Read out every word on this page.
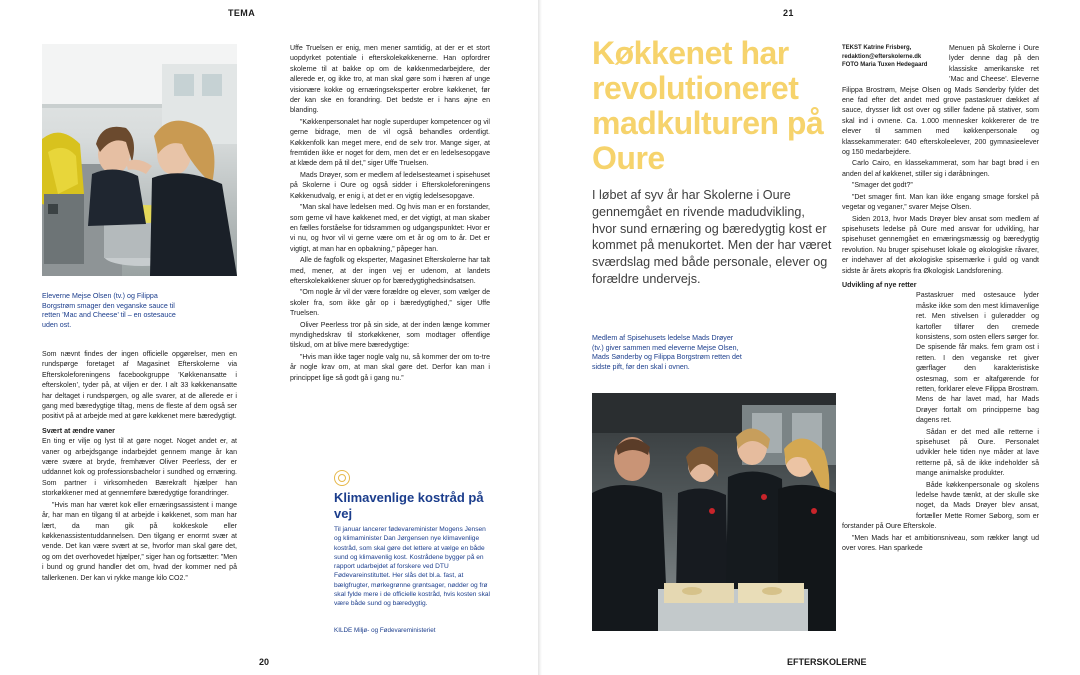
TEMA
Eleverne Mejse Olsen (tv.) og Filippa Borgstrøm smager den veganske sauce til retten ’Mac and Cheese’ til – en ostesauce uden ost.

Som nævnt findes der ingen officielle opgørelser, men en rundspørge foretaget af Magasinet Efterskolerne via Efterskoleforeningens facebookgruppe ’Køkkenansatte i efterskolen’, tyder på, at viljen er der. I alt 33 køkkenansatte har deltaget i rundspørgen, og alle svarer, at de allerede er i gang med bæredygtige tiltag, mens de fleste af dem også ser positivt på at arbejde med at gøre køkkenet mere bæredygtigt.

Svært at ændre vaner

En ting er vilje og lyst til at gøre noget. Noget andet er, at vaner og arbejdsgange indarbejdet gennem mange år kan være svære at bryde, fremhæver Oliver Peerless, der er uddannet kok og professionsbachelor i sundhed og ernæring. Som partner i virksomheden Bærekraft hjælper han storkøkkener med at gennemføre bæredygtige forandringer.

”Hvis man har været kok eller ernæringsassistent i mange år, har man en tilgang til at arbejde i køkkenet, som man har lært, da man gik på kokkeskole eller køkkenassistentuddannelsen. Den tilgang er enormt svær at vende. Det kan være svært at se, hvorfor man skal gøre det, og om det overhovedet hjælper,” siger han og fortsætter: ”Men i bund og grund handler det om, hvad der kommer ned på tallerkenen. Der kan vi rykke mange kilo CO2.”

Uffe Truelsen er enig, men mener samtidig, at der er et stort uopdyrket potentiale i efterskolekøkkenerne. Han opfordrer skolerne til at bakke op om de køkkenmedarbejdere, der allerede er, og ikke tro, at man skal gøre som i hæren af unge visionære kokke og ernæringseksperter erobre køkkenet, før der kan ske en forandring. Det bedste er i hans øjne en blanding.

”Køkkenpersonalet har nogle superduper kompetencer og vil gerne bidrage, men de vil også behandles ordentligt. Køkkenfolk kan meget mere, end de selv tror. Mange siger, at fremtiden ikke er noget for dem, men det er en ledelsesopgave at klæde dem på til det,” siger Uffe Truelsen.

Mads Drøyer, som er medlem af ledelsesteamet i spisehuset på Skolerne i Oure og også sidder i Efterskoleforeningens Køkkenudvalg, er enig i, at det er en vigtig ledelsesopgave.

”Man skal have ledelsen med. Og hvis man er en forstander, som gerne vil have køkkenet med, er det vigtigt, at man skaber en fælles forståelse for tidsrammen og udgangspunktet: Hvor er vi nu, og hvor vil vi gerne være om et år og om to år. Det er vigtigt, at man har en opbakning,” påpeger han.

Alle de fagfolk og eksperter, Magasinet Efterskolerne har talt med, mener, at der ingen vej er udenom, at landets efterskolekøkkener skruer op for bæredygtighedsindsatsen.

”Om nogle år vil der være forældre og elever, som vælger de skoler fra, som ikke går op i bæredygtighed,” siger Uffe Truelsen.

Oliver Peerless tror på sin side, at der inden længe kommer myndighedskrav til storkøkkener, som modtager offentlige tilskud, om at blive mere bæredygtige:

”Hvis man ikke tager nogle valg nu, så kommer der om to-tre år nogle krav om, at man skal gøre det. Derfor kan man i princippet lige så godt gå i gang nu.”

Klimavenlige kostråd på vej
Til januar lancerer fødevareminister Mogens Jensen og klimaminister Dan Jørgensen nye klimavenlige kostråd, som skal gøre det lettere at vælge en både sund og klimavenlig kost. Kostrådene bygger på en rapport udarbejdet af forskere ved DTU Fødevareinstituttet. Her slås det bl.a. fast, at bælgfrugter, mørkegrønne grøntsager, nødder og frø skal fylde mere i de officielle kostråd, hvis kosten skal være både sund og bæredygtig.
KILDE Miljø- og Fødevareministeriet
20
21
Køkkenet har revolutioneret madkulturen på Oure
I løbet af syv år har Skolerne i Oure gennemgået en rivende madudvikling, hvor sund ernæring og bæredygtig kost er kommet på menukortet. Men der har været sværdslag med både personale, elever og forældre undervejs.
Medlem af Spisehusets ledelse Mads Drøyer (tv.) giver sammen med eleverne Mejse Olsen, Mads Sønderby og Filippa Borgstrøm retten det sidste pift, før den skal i ovnen.
TEKST Katrine Frisberg,
redaktion@efterskolerne.dk
FOTO Maria Tuxen Hedegaard

Menuen på Skolerne i Oure lyder denne dag på den klassiske amerikanske ret ’Mac and Cheese’. Eleverne Filippa Brostrøm, Mejse Olsen og Mads Sønderby fylder det ene fad efter det andet med grove pastaskruer dækket af sauce, drysser lidt ost over og stiller fadene på stativer, som skal ind i ovnene. Ca. 1.000 mennesker kokkererer de tre elever til sammen med køkkenpersonale og klassekammerater: 640 efterskoleelever, 200 gymnasieelever og 150 medarbejdere.

Carlo Cairo, en klassekammerat, som har bagt brød i en anden del af køkkenet, stiller sig i døråbningen.

”Smager det godt?”

”Det smager fint. Man kan ikke engang smage forskel på vegetar og veganer,” svarer Mejse Olsen.

Siden 2013, hvor Mads Drøyer blev ansat som medlem af spisehusets ledelse på Oure med ansvar for udvikling, har spisehuset gennemgået en ernæringsmæssig og bæredygtig revolution. Nu bruger spisehuset lokale og økologiske råvarer, er indehaver af det økologiske spisemærke i guld og vandt sidste år årets økopris fra Økologisk Landsforening.

Udvikling af nye retter

Pastaskruer med ostesauce lyder måske ikke som den mest klimavenlige ret. Men stivelsen i gulerødder og kartofler tilfører den cremede konsistens, som osten ellers sørger for. De spisende får maks. fem gram ost i retten. I den veganske ret giver gærflager den karakteristiske ostesmag, som er altafgørende for retten, forklarer eleve Filippa Brostrøm. Mens de har lavet mad, har Mads Drøyer fortalt om principperne bag dagens ret.

Sådan er det med alle retterne i spisehuset på Oure. Personalet udvikler hele tiden nye måder at lave retterne på, så de ikke indeholder så mange animalske produkter.

Både køkkenpersonale og skolens ledelse havde tænkt, at der skulle ske noget, da Mads Drøyer blev ansat, fortæller Mette Romer Søborg, som er forstander på Oure Efterskole.

”Men Mads har et ambitionsniveau, som rækker langt ud over vores. Han sparkede

EFTERSKOLERNE
